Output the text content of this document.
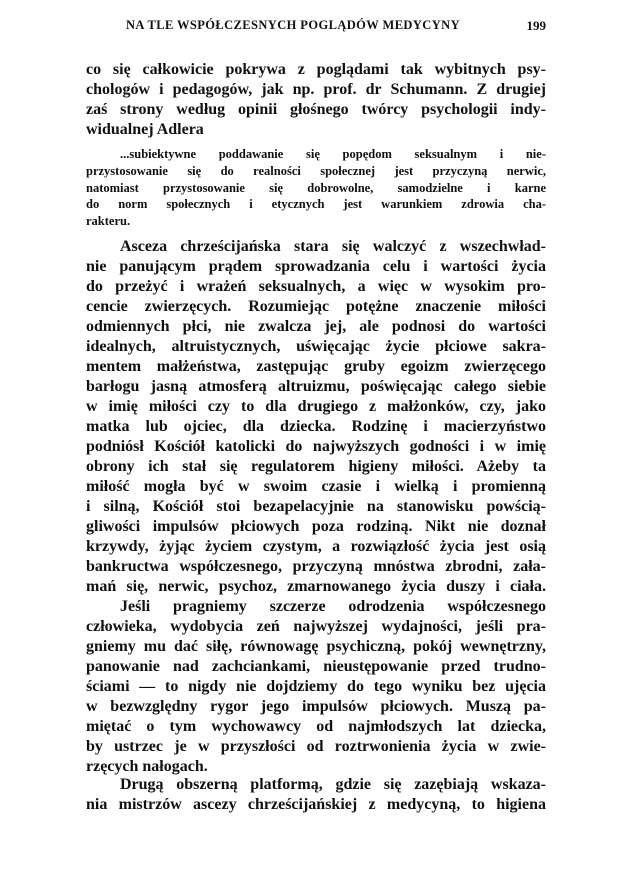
NA TLE WSPÓŁCZESNYCH POGLĄDÓW MEDYCYNY	199
co się całkowicie pokrywa z poglądami tak wybitnych psy-
chologów i pedagogów, jak np. prof. dr Schumann. Z drugiej
zaś strony według opinii głośnego twórcy psychologii indy-
widualnej Adlera
...subiektywne poddawanie się popędom seksualnym i nie-
przystosowanie się do realności społecznej jest przyczyną nerwic,
natomiast przystosowanie się dobrowolne, samodzielne i karne
do norm społecznych i etycznych jest warunkiem zdrowia cha-
rakteru.
Asceza chrześcijańska stara się walczyć z wszechwład-
nie panującym prądem sprowadzania celu i wartości życia
do przeżyć i wrażeń seksualnych, a więc w wysokim pro-
cencie zwierzęcych. Rozumiejąc potężne znaczenie miłości
odmiennych płci, nie zwalcza jej, ale podnosi do wartości
idealnych, altruistycznych, uświęcając życie płciowe sakra-
mentem małżeństwa, zastępując gruby egoizm zwierzęcego
barłogu jasną atmosferą altruizmu, poświęcając całego siebie
w imię miłości czy to dla drugiego z małżonków, czy, jako
matka lub ojciec, dla dziecka. Rodzinę i macierzyństwo
podniósł Kościół katolicki do najwyższych godności i w imię
obrony ich stał się regulatorem higieny miłości. Ażeby ta
miłość mogła być w swoim czasie i wielką i promienną
i silną, Kościół stoi bezapelacyjnie na stanowisku powścią-
gliwości impulsów płciowych poza rodziną. Nikt nie doznał
krzywdy, żyjąc życiem czystym, a rozwiązłość życia jest osią
bankructwa współczesnego, przyczyną mnóstwa zbrodni, zała-
mań się, nerwic, psychoz, zmarnowanego życia duszy i ciała.
Jeśli pragniemy szczerze odrodzenia współczesnego
człowieka, wydobycia zeń najwyższej wydajności, jeśli pra-
gniemy mu dać siłę, równowagę psychiczną, pokój wewnętrzny,
panowanie nad zachciankami, nieustępowanie przed trudno-
ściami — to nigdy nie dojdziemy do tego wyniku bez ujęcia
w bezwzględny rygor jego impulsów płciowych. Muszą pa-
miętać o tym wychowawcy od najmłodszych lat dziecka,
by ustrzec je w przyszłości od roztrwonienia życia w zwie-
rzęcych nałogach.
Drugą obszerną platformą, gdzie się zazębiają wskaza-
nia mistrzów ascezy chrześcijańskiej z medycyną, to higiena
